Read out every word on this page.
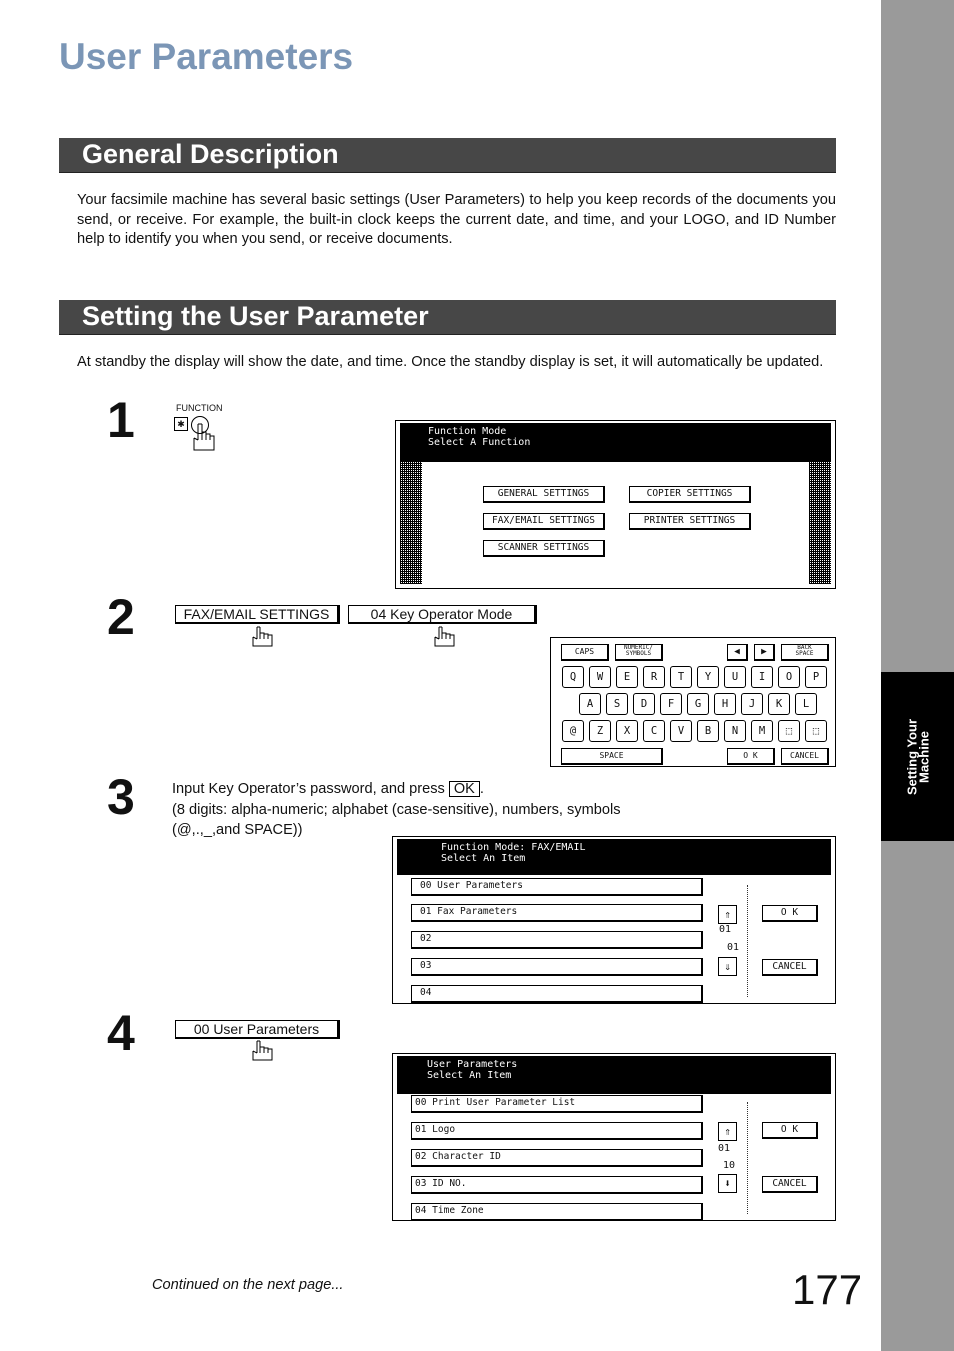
Setting Your
Machine
User Parameters
General Description
Your facsimile machine has several basic settings (User Parameters) to help you keep records of the documents you send, or receive. For example, the built-in clock keeps the current date, and time, and your LOGO, and ID Number help to identify you when you send, or receive documents.
Setting the User Parameter
At standby the display will show the date, and time. Once the standby display is set, it will automatically be updated.
1	FUNCTION
✱
Function Mode
Select A Function
GENERAL SETTINGS	COPIER SETTINGS
FAX/EMAIL SETTINGS	PRINTER SETTINGS
SCANNER SETTINGS
2	FAX/EMAIL SETTINGS	04 Key Operator Mode
CAPS	NUMERIC/
SYMBOLS	◀	▶	BACK
SPACE
Q	W	E	R	T	Y	U	I	O	P
A	S	D	F	G	H	J	K	L
@	Z	X	C	V	B	N	M	⬚	⬚
SPACE	O K	CANCEL
3	Input Key Operator’s password, and press OK .
(8 digits: alpha-numeric; alphabet (case-sensitive), numbers, symbols
(@,.,_,and SPACE))
Function Mode: FAX/EMAIL
Select An Item
00 User Parameters
01 Fax Parameters
02
03
04
⇑
01
01
⇓
O K
CANCEL
4	00 User Parameters
User Parameters
Select An Item
00 Print User Parameter List
01 Logo
02 Character ID
03 ID NO.
04 Time Zone
⇑
01
10
⬇
O K
CANCEL
Continued on the next page...	177
